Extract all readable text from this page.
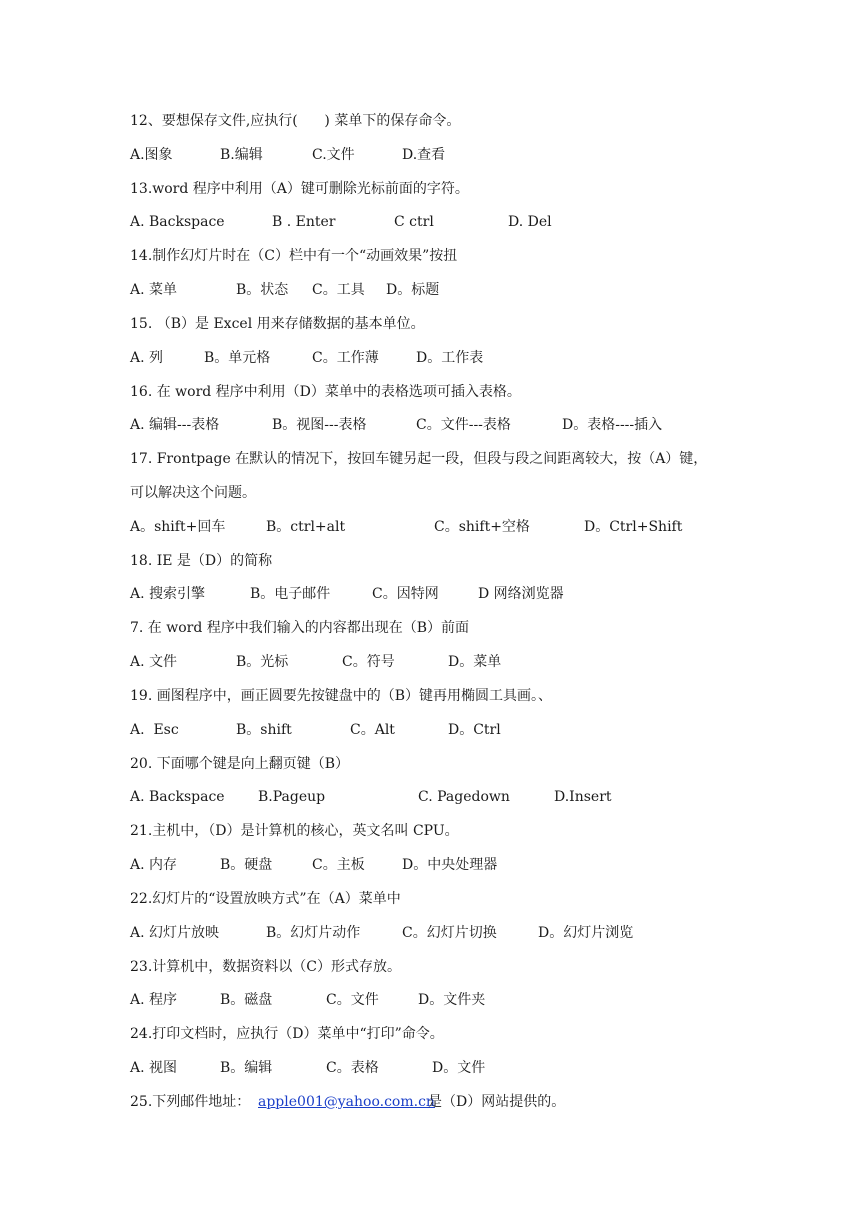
12、要想保存文件,应执行(      ) 菜单下的保存命令。
A.图象	B.编辑	C.文件	D.查看
13.word 程序中利用（A）键可删除光标前面的字符。
A. Backspace	B . Enter	C ctrl	D. Del
14.制作幻灯片时在（C）栏中有一个“动画效果”按扭
A. 菜单	B。状态 C。工具 D。标题
15. （B）是 Excel 用来存储数据的基本单位。
A. 列	B。单元格	C。工作薄	D。工作表
16. 在 word 程序中利用（D）菜单中的表格选项可插入表格。
A. 编辑---表格	B。视图---表格	C。文件---表格	D。表格----插入
17. Frontpage 在默认的情况下，按回车键另起一段，但段与段之间距离较大，按（A）键，
可以解决这个问题。
A。shift+回车	B。ctrl+alt	C。shift+空格	D。Ctrl+Shift
18. IE 是（D）的简称
A. 搜索引擎	B。电子邮件	C。因特网	D 网络浏览器
7. 在 word 程序中我们输入的内容都出现在（B）前面
A. 文件	B。光标	C。符号	D。菜单
19. 画图程序中，画正圆要先按键盘中的（B）键再用椭圆工具画。、
A.  Esc	B。shift	C。Alt	D。Ctrl
20. 下面哪个键是向上翻页键（B）
A. Backspace B.Pageup	C. Pagedown	D.Insert
21.主机中，（D）是计算机的核心，英文名叫 CPU。
A. 内存	B。硬盘	C。主板	D。中央处理器
22.幻灯片的“设置放映方式”在（A）菜单中
A. 幻灯片放映	B。幻灯片动作	C。幻灯片切换	D。幻灯片浏览
23.计算机中，数据资料以（C）形式存放。
A. 程序	B。磁盘	C。文件	D。文件夹
24.打印文档时，应执行（D）菜单中“打印”命令。
A. 视图	B。编辑	C。表格	D。文件
25.下列邮件地址： apple001@yahoo.com.cn
是（D）网站提供的。
